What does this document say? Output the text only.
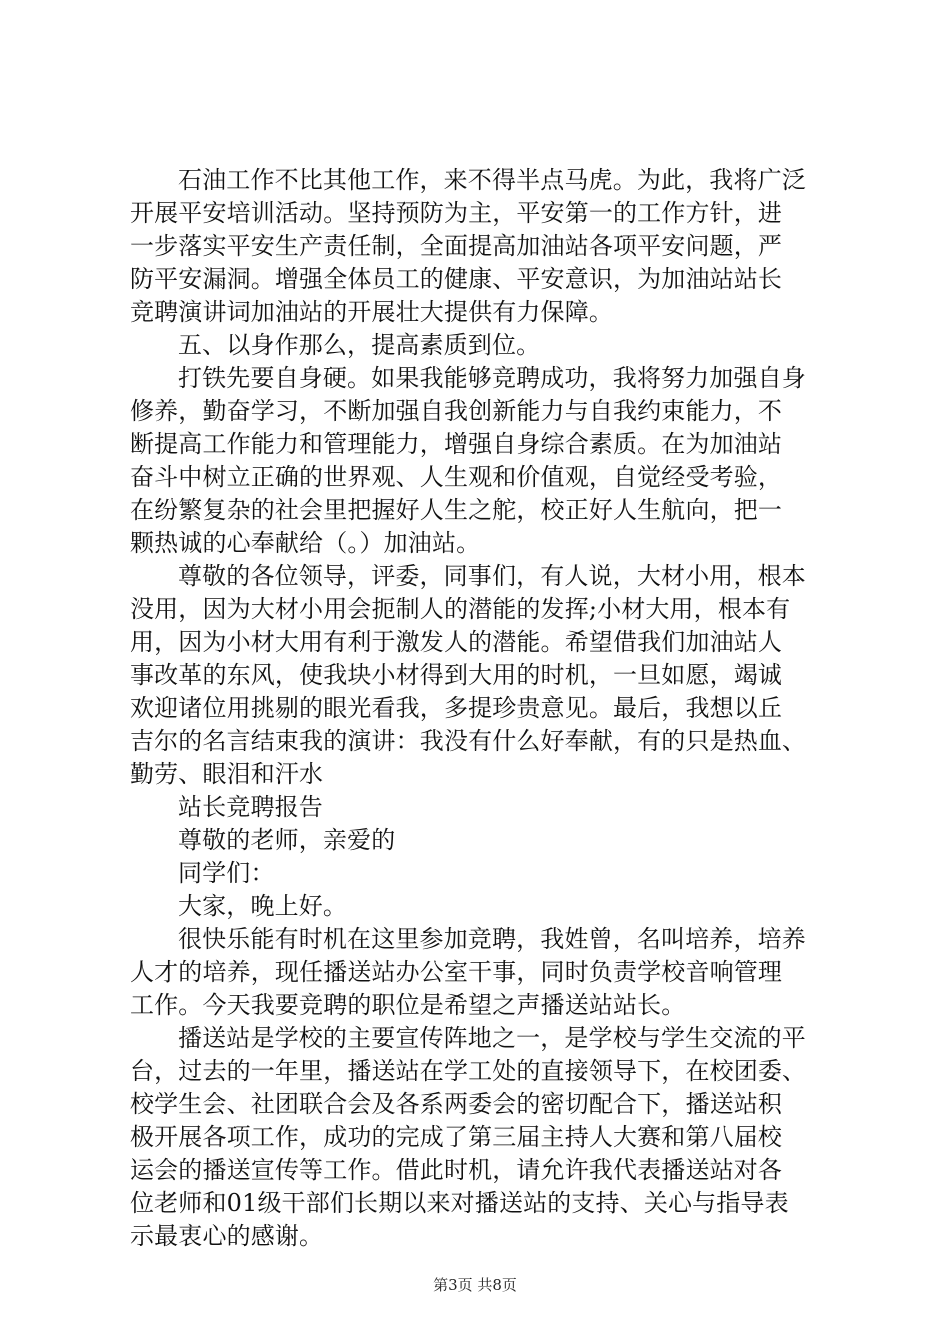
石油工作不比其他工作，来不得半点马虎。为此，我将广泛
开展平安培训活动。坚持预防为主，平安第一的工作方针，进
一步落实平安生产责任制，全面提高加油站各项平安问题，严
防平安漏洞。增强全体员工的健康、平安意识，为加油站站长
竞聘演讲词加油站的开展壮大提供有力保障。
五、以身作那么，提高素质到位。
打铁先要自身硬。如果我能够竞聘成功，我将努力加强自身
修养，勤奋学习，不断加强自我创新能力与自我约束能力，不
断提高工作能力和管理能力，增强自身综合素质。在为加油站
奋斗中树立正确的世界观、人生观和价值观，自觉经受考验，
在纷繁复杂的社会里把握好人生之舵，校正好人生航向，把一
颗热诚的心奉献给（。）加油站。
尊敬的各位领导，评委，同事们，有人说，大材小用，根本
没用，因为大材小用会扼制人的潜能的发挥;小材大用，根本有
用，因为小材大用有利于激发人的潜能。希望借我们加油站人
事改革的东风，使我块小材得到大用的时机，一旦如愿，竭诚
欢迎诸位用挑剔的眼光看我，多提珍贵意见。最后，我想以丘
吉尔的名言结束我的演讲：我没有什么好奉献，有的只是热血、
勤劳、眼泪和汗水
站长竞聘报告
尊敬的老师，亲爱的
同学们：
大家，晚上好。
很快乐能有时机在这里参加竞聘，我姓曾，名叫培养，培养
人才的培养，现任播送站办公室干事，同时负责学校音响管理
工作。今天我要竞聘的职位是希望之声播送站站长。
播送站是学校的主要宣传阵地之一，是学校与学生交流的平
台，过去的一年里，播送站在学工处的直接领导下，在校团委、
校学生会、社团联合会及各系两委会的密切配合下，播送站积
极开展各项工作，成功的完成了第三届主持人大赛和第八届校
运会的播送宣传等工作。借此时机，请允许我代表播送站对各
位老师和01级干部们长期以来对播送站的支持、关心与指导表
示最衷心的感谢。
第3页 共8页
